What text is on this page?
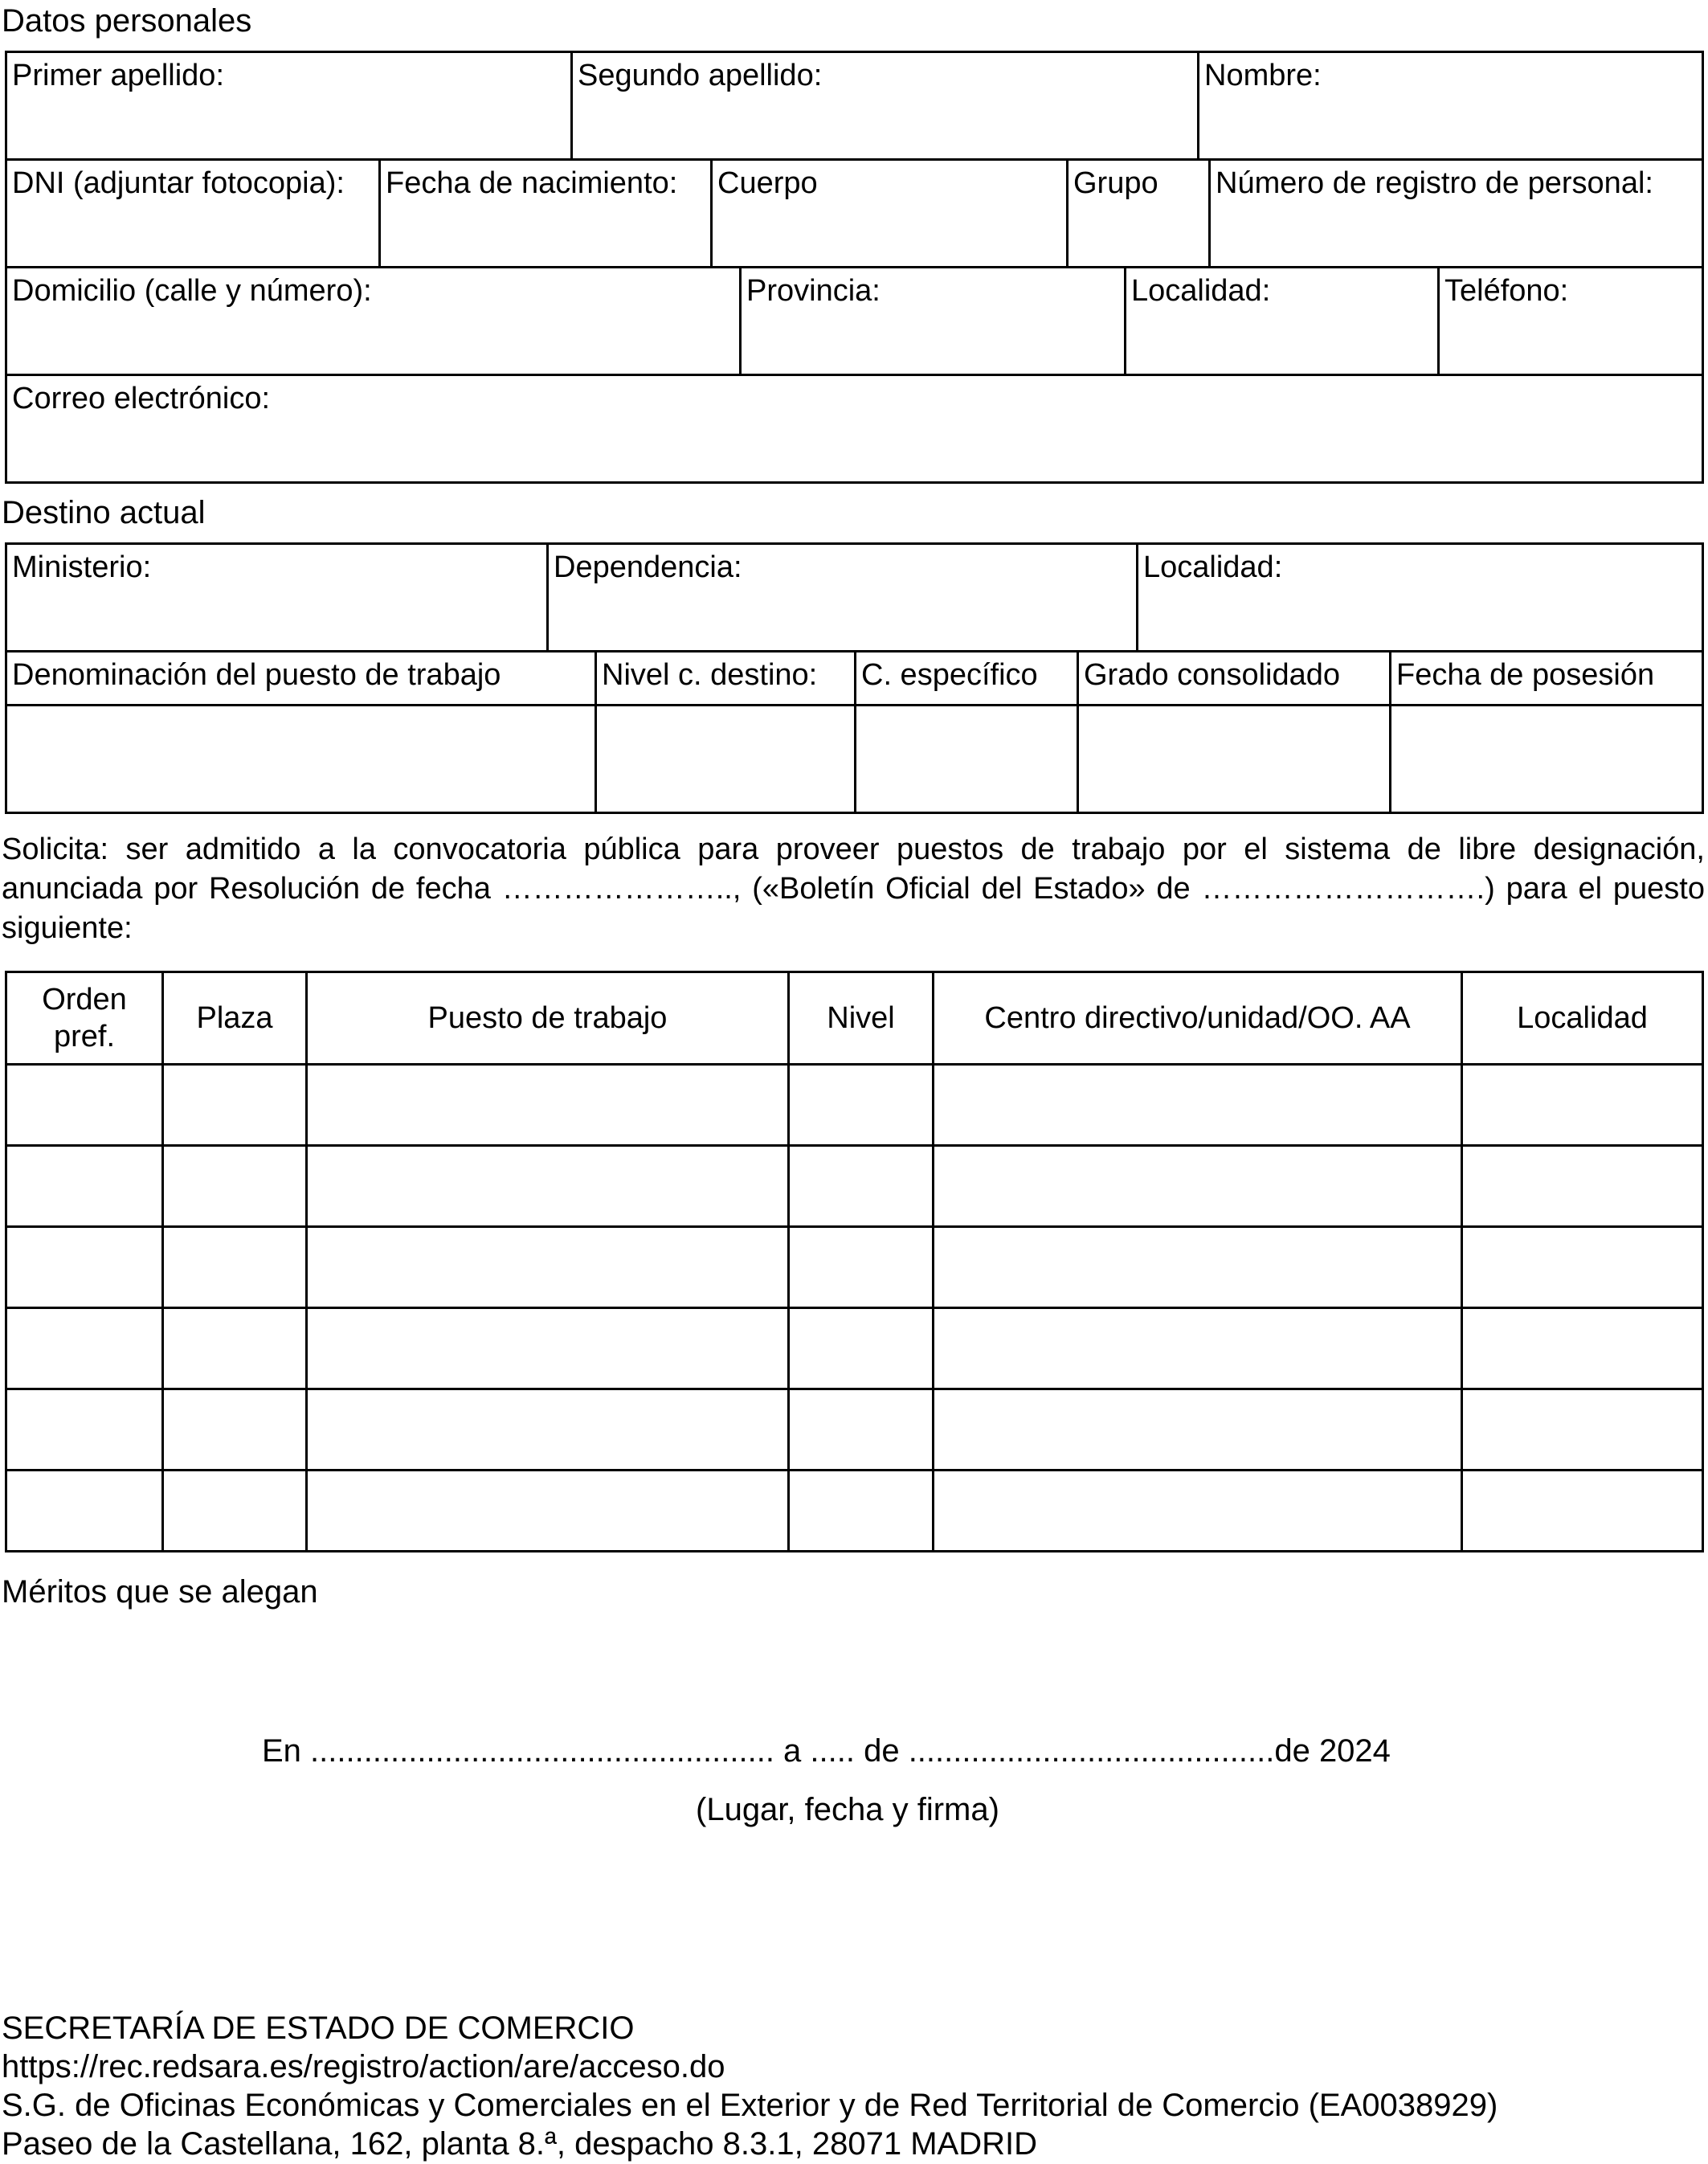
Datos personales
Primer apellido:	Segundo apellido:	Nombre:
DNI (adjuntar fotocopia):	Fecha de nacimiento:	Cuerpo	Grupo	Número de registro de personal:
Domicilio (calle y número):	Provincia:	Localidad:	Teléfono:
Correo electrónico:
Destino actual
Ministerio:	Dependencia:	Localidad:
Denominación del puesto de trabajo	Nivel c. destino:	C. específico	Grado consolidado	Fecha de posesión

Solicita: ser admitido a la convocatoria pública para proveer puestos de trabajo por el sistema de libre designación, anunciada por Resolución de fecha ………………….., («Boletín Oficial del Estado» de ……………………….) para el puesto siguiente:
Orden pref.	Plaza	Puesto de trabajo	Nivel	Centro directivo/unidad/OO. AA	Localidad

Méritos que se alegan
En .................................................... a ..... de .........................................de 2024
(Lugar, fecha y firma)
SECRETARÍA DE ESTADO DE COMERCIO
https://rec.redsara.es/registro/action/are/acceso.do
S.G. de Oficinas Económicas y Comerciales en el Exterior y de Red Territorial de Comercio (EA0038929)
Paseo de la Castellana, 162, planta 8.ª, despacho 8.3.1, 28071 MADRID
